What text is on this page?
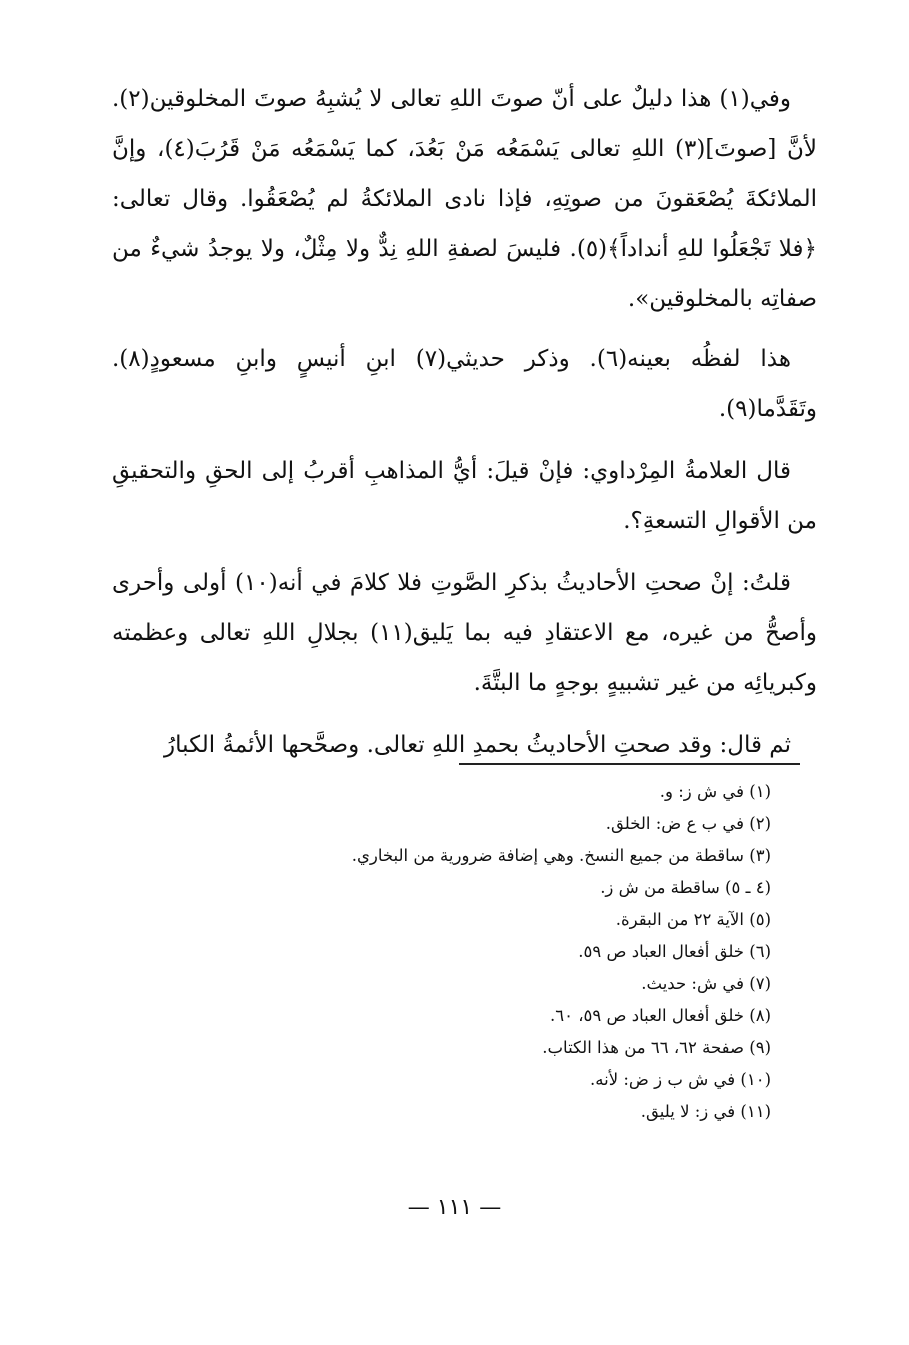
وفي(١) هذا دليلٌ على أنّ صوتَ اللهِ تعالى لا يُشبِهُ صوتَ المخلوقين(٢). لأنَّ [صوتَ](٣) اللهِ تعالى يَسْمَعُه مَنْ بَعُدَ، كما يَسْمَعُه مَنْ قَرُبَ(٤)، وإنَّ الملائكةَ يُصْعَقونَ من صوتِهِ، فإذا نادى الملائكةُ لم يُصْعَقُوا. وقال تعالى: ﴿فلا تَجْعَلُوا للهِ أنداداً﴾(٥). فليسَ لصفةِ اللهِ نِدٌّ ولا مِثْلٌ، ولا يوجدُ شيءٌ من صفاتِه بالمخلوقين».

هذا لفظُه بعينه(٦). وذكر حديثي(٧) ابنِ أنيسٍ وابنِ مسعودٍ(٨). وتَقَدَّما(٩).

قال العلامةُ المِرْداوي: فإنْ قيلَ: أيُّ المذاهبِ أقربُ إلى الحقِ والتحقيقِ من الأقوالِ التسعةِ؟.

قلتُ: إنْ صحتِ الأحاديثُ بذكرِ الصَّوتِ فلا كلامَ في أنه(١٠) أولى وأحرى وأصحُّ من غيره، مع الاعتقادِ فيه بما يَليق(١١) بجلالِ اللهِ تعالى وعظمته وكبريائِه من غير تشبيهٍ بوجهٍ ما البتَّةَ.

ثم قال: وقد صحتِ الأحاديثُ بحمدِ اللهِ تعالى. وصحَّحها الأئمةُ الكبارُ

(١) في ش ز: و.
(٢) في ب ع ض: الخلق.
(٣) ساقطة من جميع النسخ. وهي إضافة ضرورية من البخاري.
(٤ ـ ٥) ساقطة من ش ز.
(٥) الآية ٢٢ من البقرة.
(٦) خلق أفعال العباد ص ٥٩.
(٧) في ش: حديث.
(٨) خلق أفعال العباد ص ٥٩، ٦٠.
(٩) صفحة ٦٢، ٦٦ من هذا الكتاب.
(١٠) في ش ب ز ض: لأنه.
(١١) في ز: لا يليق.
— ١١١ —
